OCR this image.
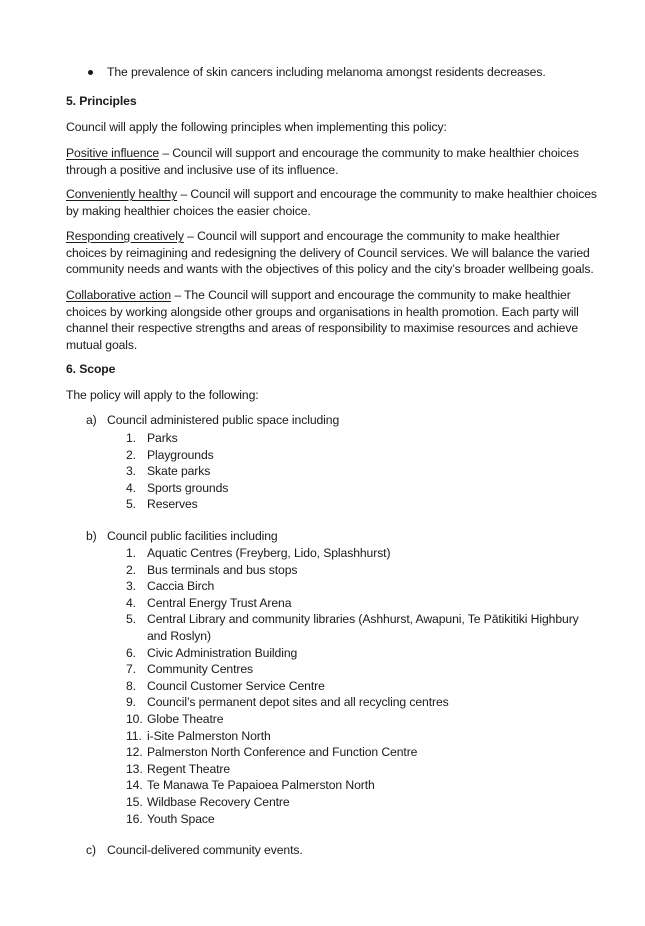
The prevalence of skin cancers including melanoma amongst residents decreases.
5. Principles
Council will apply the following principles when implementing this policy:
Positive influence – Council will support and encourage the community to make healthier choices
through a positive and inclusive use of its influence.
Conveniently healthy – Council will support and encourage the community to make healthier choices
by making healthier choices the easier choice.
Responding creatively – Council will support and encourage the community to make healthier
choices by reimagining and redesigning the delivery of Council services. We will balance the varied
community needs and wants with the objectives of this policy and the city’s broader wellbeing goals.
Collaborative action – The Council will support and encourage the community to make healthier
choices by working alongside other groups and organisations in health promotion. Each party will
channel their respective strengths and areas of responsibility to maximise resources and achieve
mutual goals.
6. Scope
The policy will apply to the following:
a) Council administered public space including
1. Parks
2. Playgrounds
3. Skate parks
4. Sports grounds
5. Reserves
b) Council public facilities including
1. Aquatic Centres (Freyberg, Lido, Splashhurst)
2. Bus terminals and bus stops
3. Caccia Birch
4. Central Energy Trust Arena
5. Central Library and community libraries (Ashhurst, Awapuni, Te Pātikitiki Highbury
and Roslyn)
6. Civic Administration Building
7. Community Centres
8. Council Customer Service Centre
9. Council’s permanent depot sites and all recycling centres
10. Globe Theatre
11. i-Site Palmerston North
12. Palmerston North Conference and Function Centre
13. Regent Theatre
14. Te Manawa Te Papaioea Palmerston North
15. Wildbase Recovery Centre
16. Youth Space
c) Council-delivered community events.
